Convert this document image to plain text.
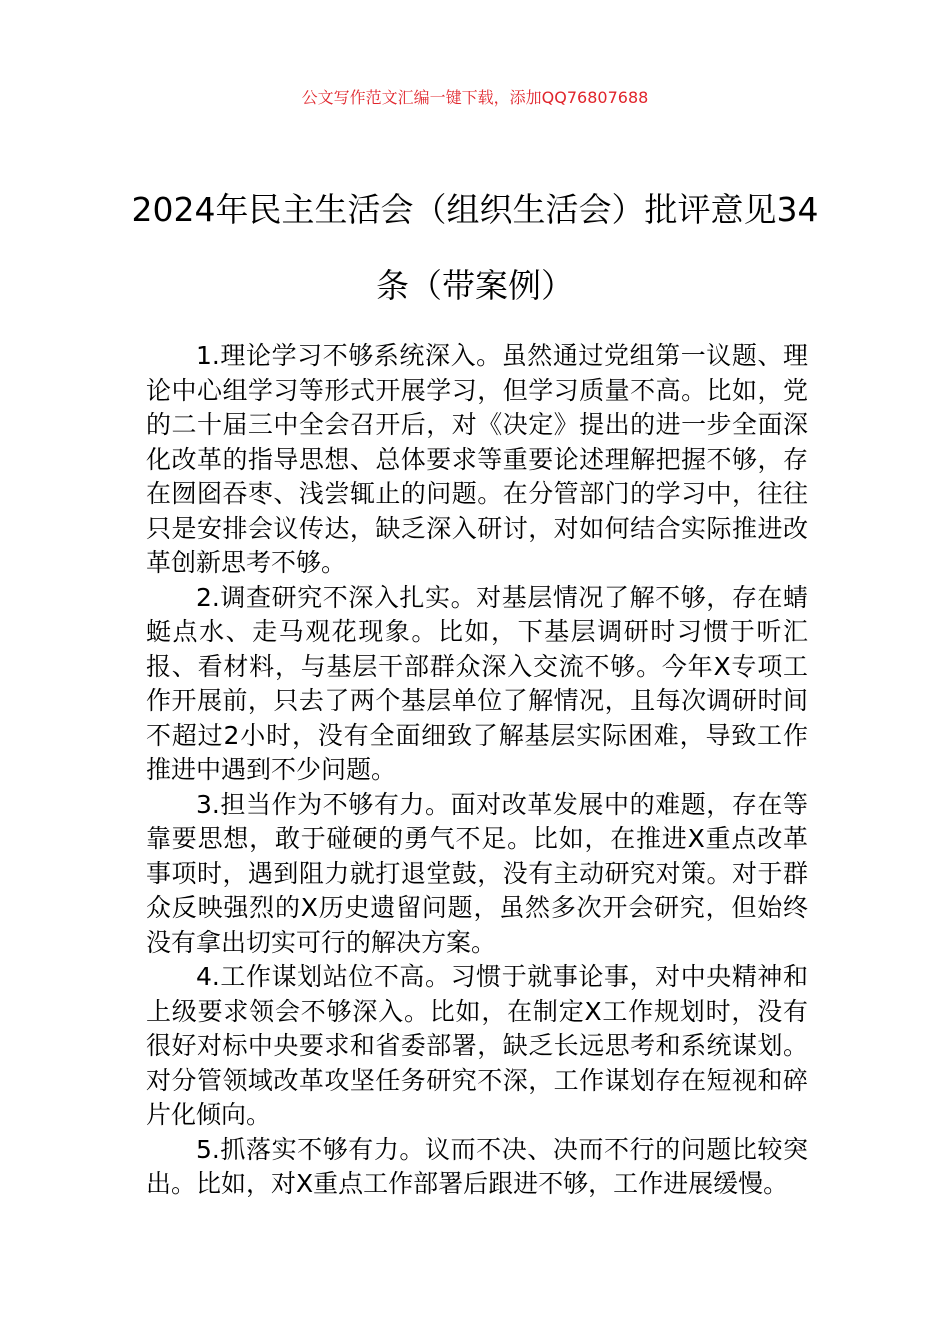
公文写作范文汇编一键下载，添加QQ76807688
2024年民主生活会（组织生活会）批评意见34条（带案例）

1.理论学习不够系统深入。虽然通过党组第一议题、理论中心组学习等形式开展学习，但学习质量不高。比如，党的二十届三中全会召开后，对《决定》提出的进一步全面深化改革的指导思想、总体要求等重要论述理解把握不够，存在囫囵吞枣、浅尝辄止的问题。在分管部门的学习中，往往只是安排会议传达，缺乏深入研讨，对如何结合实际推进改革创新思考不够。

2.调查研究不深入扎实。对基层情况了解不够，存在蜻蜓点水、走马观花现象。比如，下基层调研时习惯于听汇报、看材料，与基层干部群众深入交流不够。今年X专项工作开展前，只去了两个基层单位了解情况，且每次调研时间不超过2小时，没有全面细致了解基层实际困难，导致工作推进中遇到不少问题。

3.担当作为不够有力。面对改革发展中的难题，存在等靠要思想，敢于碰硬的勇气不足。比如，在推进X重点改革事项时，遇到阻力就打退堂鼓，没有主动研究对策。对于群众反映强烈的X历史遗留问题，虽然多次开会研究，但始终没有拿出切实可行的解决方案。

4.工作谋划站位不高。习惯于就事论事，对中央精神和上级要求领会不够深入。比如，在制定X工作规划时，没有很好对标中央要求和省委部署，缺乏长远思考和系统谋划。对分管领域改革攻坚任务研究不深，工作谋划存在短视和碎片化倾向。

5.抓落实不够有力。议而不决、决而不行的问题比较突出。比如，对X重点工作部署后跟进不够，工作进展缓慢。
